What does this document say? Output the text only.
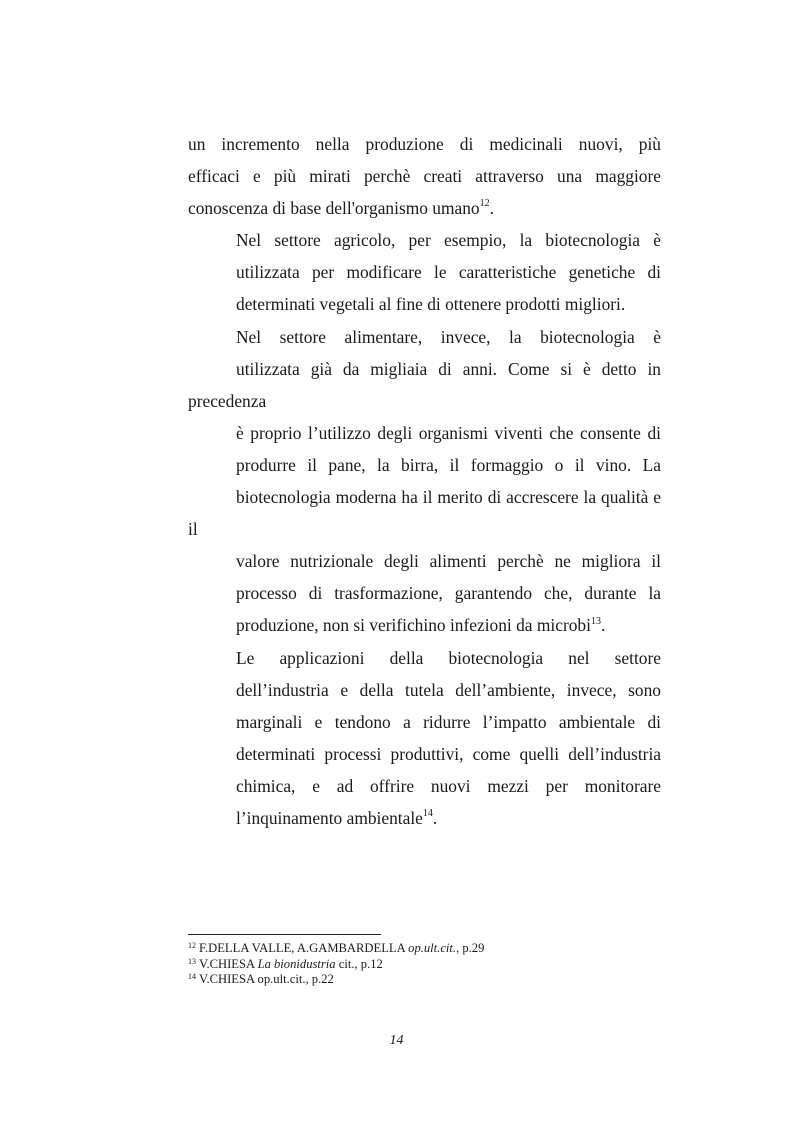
un incremento nella produzione di medicinali nuovi, più
efficaci e più mirati perchè creati attraverso una maggiore
conoscenza di base dell'organismo umano$^{12}$.

Nel settore agricolo, per esempio, la biotecnologia è
utilizzata per modificare le caratteristiche genetiche di
determinati vegetali al fine di ottenere prodotti migliori.

Nel settore alimentare, invece, la biotecnologia è
utilizzata già da migliaia di anni. Come si è detto in precedenza
è proprio l’utilizzo degli organismi viventi che consente di
produrre il pane, la birra, il formaggio o il vino. La
biotecnologia moderna ha il merito di accrescere la qualità e il
valore nutrizionale degli alimenti perchè ne migliora il
processo di trasformazione, garantendo che, durante la
produzione, non si verifichino infezioni da microbi$^{13}$.

Le applicazioni della biotecnologia nel settore
dell’industria e della tutela dell’ambiente, invece, sono
marginali e tendono a ridurre l’impatto ambientale di
determinati processi produttivi, come quelli dell’industria
chimica, e ad offrire nuovi mezzi per monitorare
l’inquinamento ambientale$^{14}$.

$^{12}$ F.DELLA VALLE, A.GAMBARDELLA op.ult.cit., p.29
$^{13}$ V.CHIESA La bionidustria cit., p.12
$^{14}$ V.CHIESA op.ult.cit., p.22
14
